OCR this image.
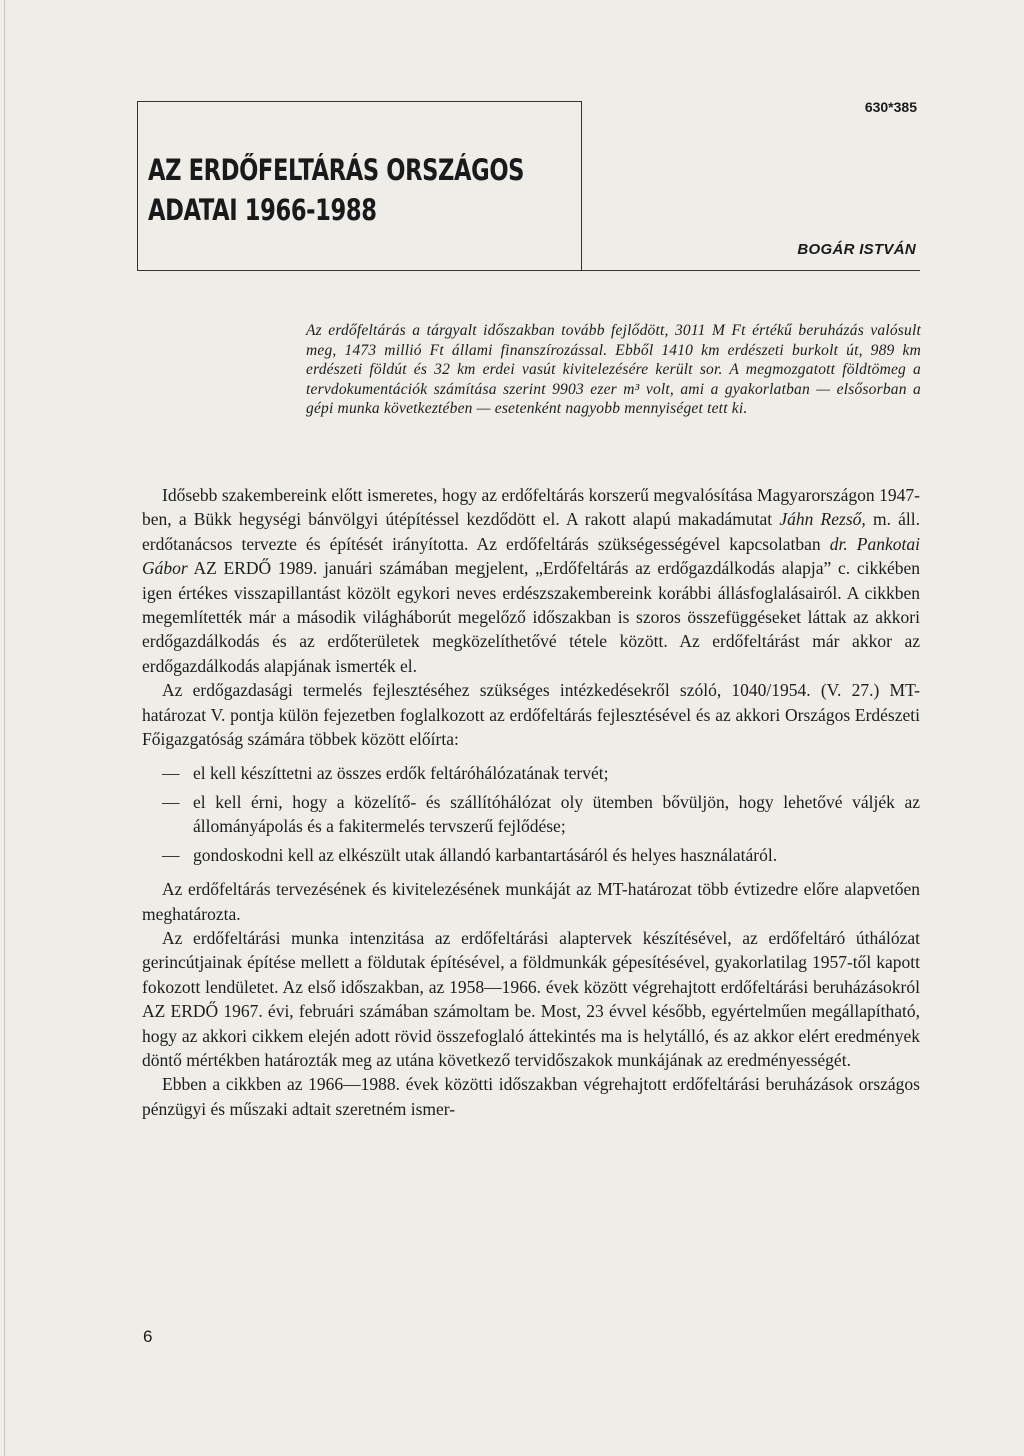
AZ ERDŐFELTÁRÁS ORSZÁGOS
ADATAI 1966-1988
630*385
BOGÁR ISTVÁN

Az erdőfeltárás a tárgyalt időszakban tovább fejlődött, 3011 M Ft értékű beruházás valósult meg, 1473 millió Ft állami finanszírozással. Ebből 1410 km erdészeti burkolt út, 989 km erdészeti földút és 32 km erdei vasút kivitelezésére került sor. A megmozgatott földtömeg a tervdokumentációk számítása szerint 9903 ezer m³ volt, ami a gyakorlatban — elsősorban a gépi munka következtében — esetenként nagyobb mennyiséget tett ki.

Idősebb szakembereink előtt ismeretes, hogy az erdőfeltárás korszerű megvalósítása Magyarországon 1947-ben, a Bükk hegységi bánvölgyi útépítéssel kezdődött el. A rakott alapú makadámutat Jáhn Rezső, m. áll. erdőtanácsos tervezte és építését irányította. Az erdőfeltárás szükségességével kapcsolatban dr. Pankotai Gábor AZ ERDŐ 1989. januári számában megjelent, „Erdőfeltárás az erdőgazdálkodás alapja” c. cikkében igen értékes visszapillantást közölt egykori neves erdészszakembereink korábbi állásfoglalásairól. A cikkben megemlítették már a második világháborút megelőző időszakban is szoros összefüggéseket láttak az akkori erdőgazdálkodás és az erdőterületek megközelíthetővé tétele között. Az erdőfeltárást már akkor az erdőgazdálkodás alapjának ismerték el.

Az erdőgazdasági termelés fejlesztéséhez szükséges intézkedésekről szóló, 1040/1954. (V. 27.) MT-határozat V. pontja külön fejezetben foglalkozott az erdőfeltárás fejlesztésével és az akkori Országos Erdészeti Főigazgatóság számára többek között előírta:

— el kell készíttetni az összes erdők feltáróhálózatának tervét;
— el kell érni, hogy a közelítő- és szállítóhálózat oly ütemben bővüljön, hogy lehetővé váljék az állományápolás és a fakitermelés tervszerű fejlődése;
— gondoskodni kell az elkészült utak állandó karbantartásáról és helyes használatáról.

Az erdőfeltárás tervezésének és kivitelezésének munkáját az MT-határozat több évtizedre előre alapvetően meghatározta.

Az erdőfeltárási munka intenzitása az erdőfeltárási alaptervek készítésével, az erdőfeltáró úthálózat gerincútjainak építése mellett a földutak építésével, a földmunkák gépesítésével, gyakorlatilag 1957-től kapott fokozott lendületet. Az első időszakban, az 1958—1966. évek között végrehajtott erdőfeltárási beruházásokról AZ ERDŐ 1967. évi, februári számában számoltam be. Most, 23 évvel később, egyértelműen megállapítható, hogy az akkori cikkem elején adott rövid összefoglaló áttekintés ma is helytálló, és az akkor elért eredmények döntő mértékben határozták meg az utána következő tervidőszakok munkájának az eredményességét.

Ebben a cikkben az 1966—1988. évek közötti időszakban végrehajtott erdőfeltárási beruházások országos pénzügyi és műszaki adtait szeretném ismer-

6
